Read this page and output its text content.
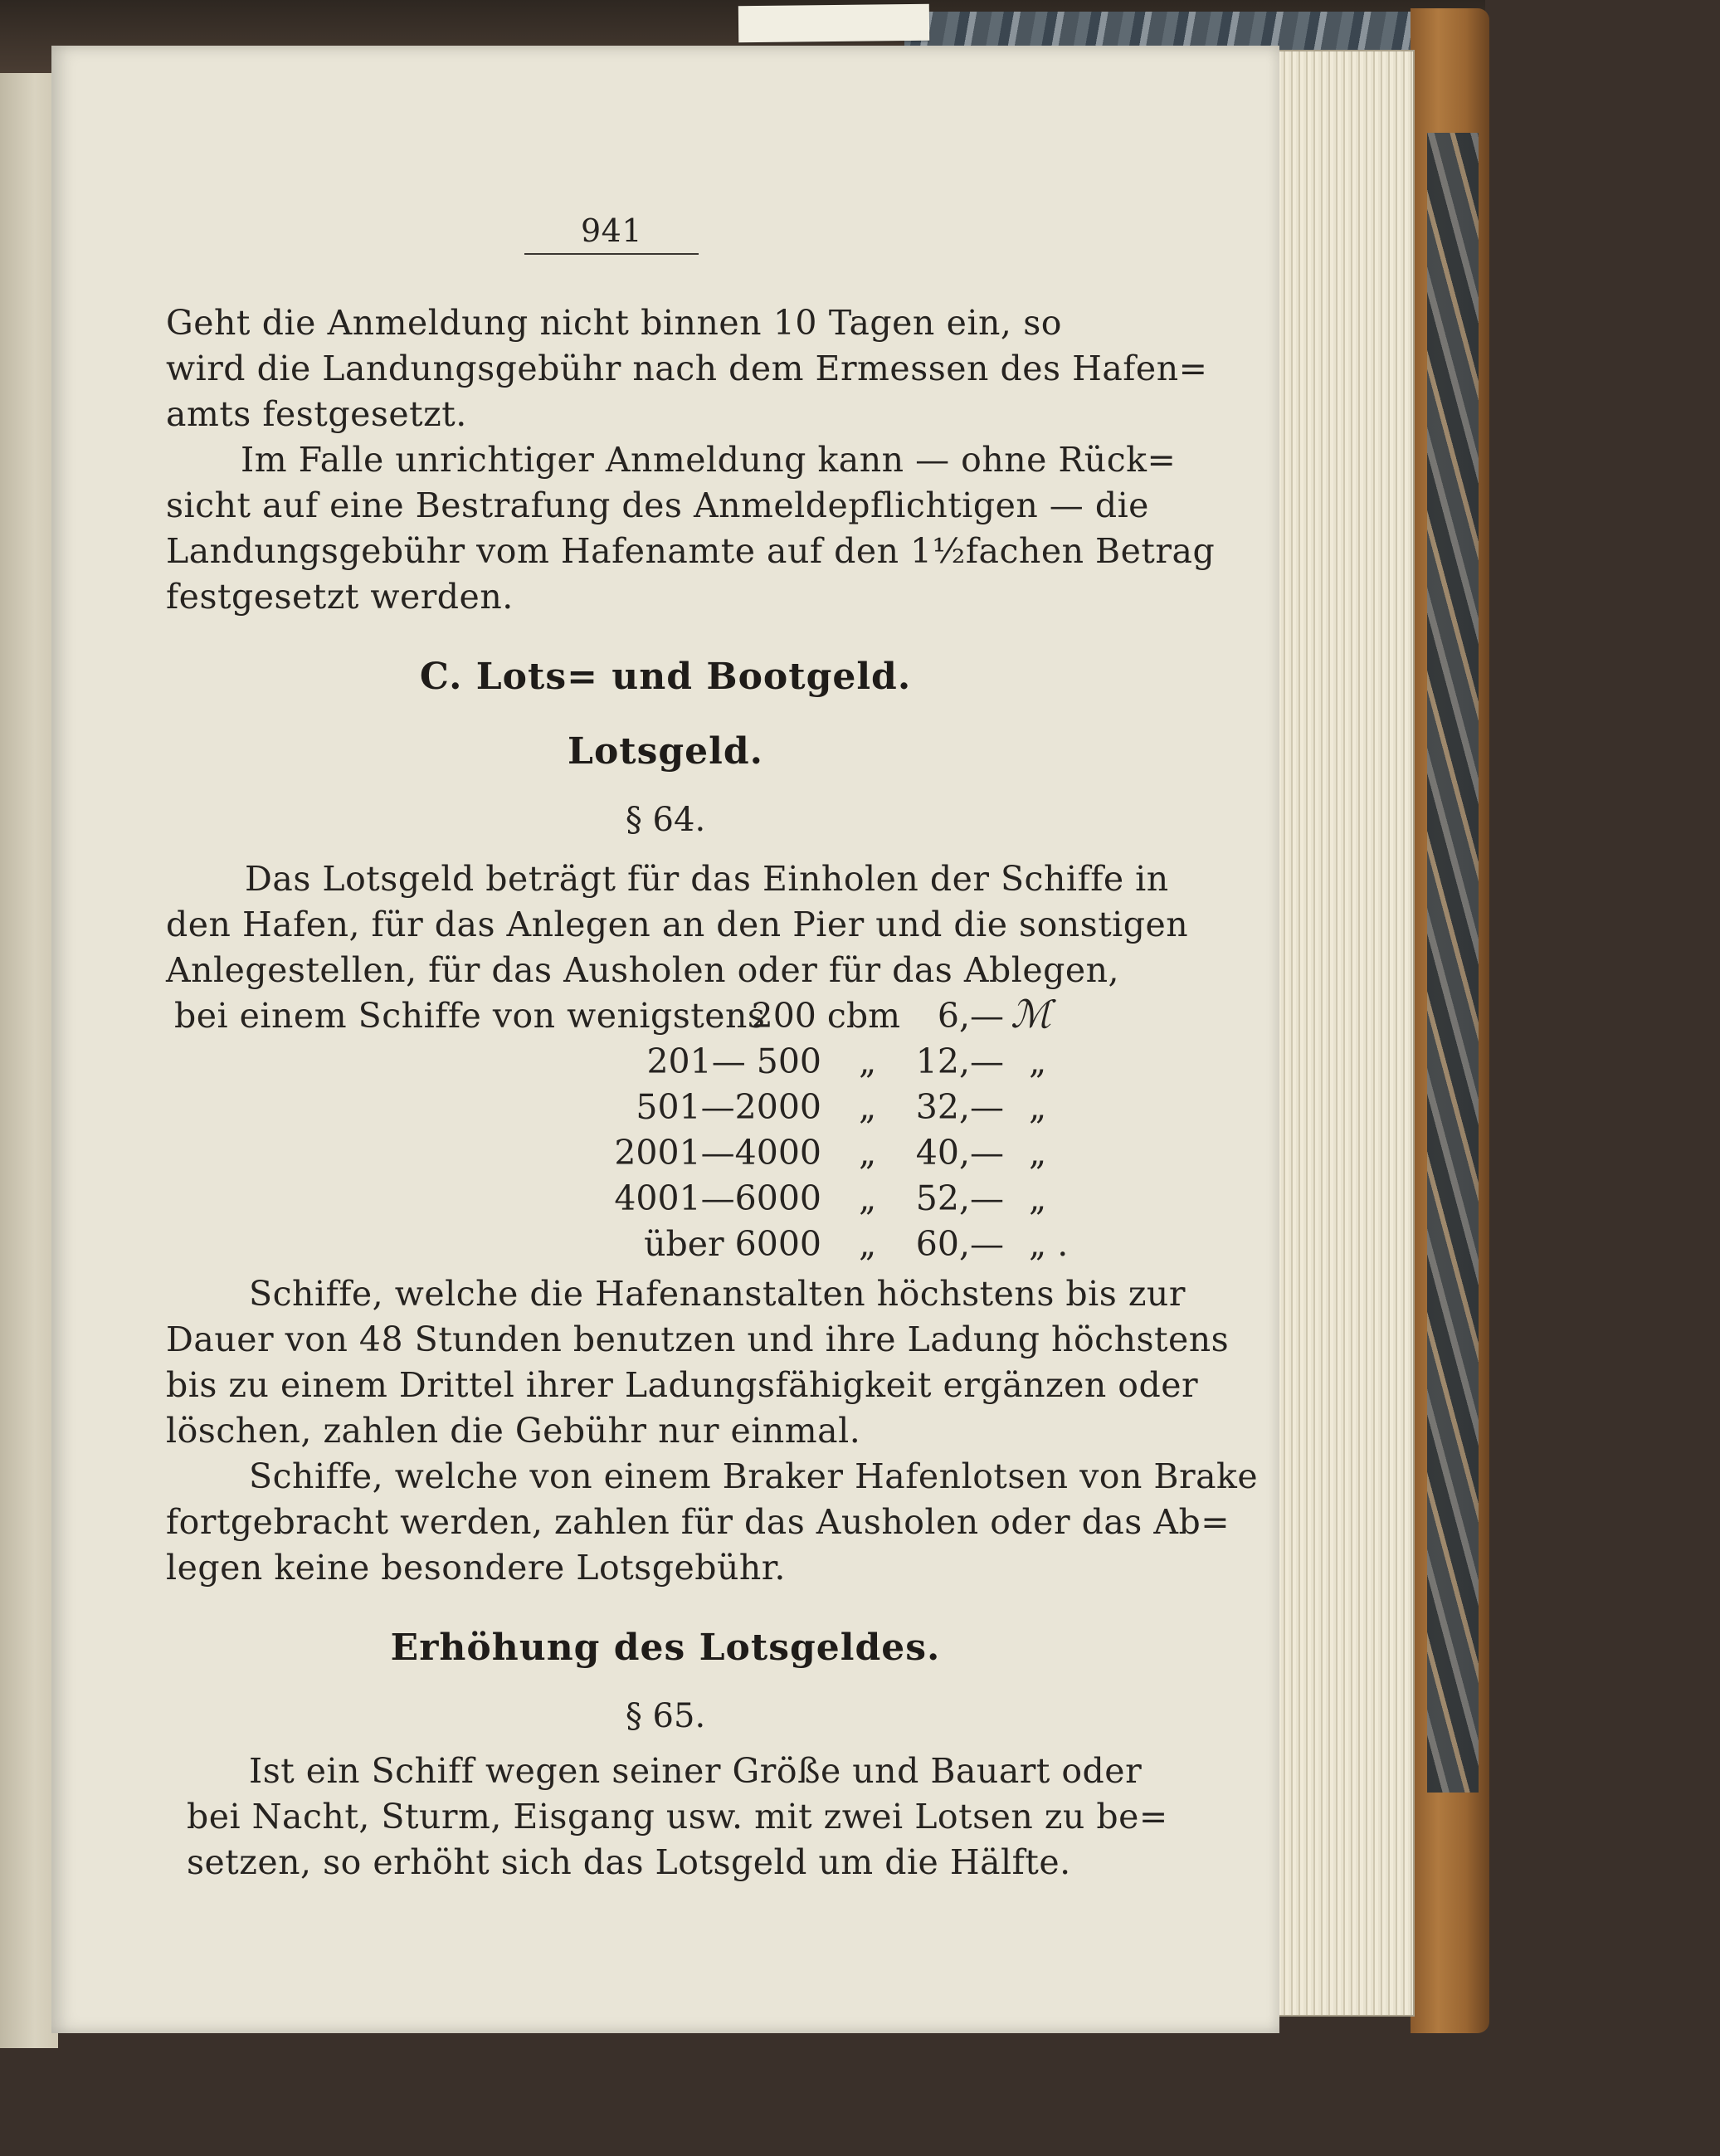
941
Geht die Anmeldung nicht binnen 10 Tagen ein, so
wird die Landungsgebühr nach dem Ermessen des Hafen=
amts festgesetzt.
Im Falle unrichtiger Anmeldung kann — ohne Rück=
sicht auf eine Bestrafung des Anmeldepflichtigen — die
Landungsgebühr vom Hafenamte auf den 1½fachen Betrag
festgesetzt werden.
C. Lots= und Bootgeld.
Lotsgeld.
§ 64.
Das Lotsgeld beträgt für das Einholen der Schiffe in
den Hafen, für das Anlegen an den Pier und die sonstigen
Anlegestellen, für das Ausholen oder für das Ablegen,
bei einem Schiffe von wenigstens
200 cbm	6,— ℳ
201— 500 „ 12,— „
501—2000 „ 32,— „
2001—4000 „ 40,— „
4001—6000 „ 52,— „
über 6000 „ 60,— „ .
Schiffe, welche die Hafenanstalten höchstens bis zur
Dauer von 48 Stunden benutzen und ihre Ladung höchstens
bis zu einem Drittel ihrer Ladungsfähigkeit ergänzen oder
löschen, zahlen die Gebühr nur einmal.
Schiffe, welche von einem Braker Hafenlotsen von Brake
fortgebracht werden, zahlen für das Ausholen oder das Ab=
legen keine besondere Lotsgebühr.
Erhöhung des Lotsgeldes.
§ 65.
Ist ein Schiff wegen seiner Größe und Bauart oder
bei Nacht, Sturm, Eisgang usw. mit zwei Lotsen zu be=
setzen, so erhöht sich das Lotsgeld um die Hälfte.
